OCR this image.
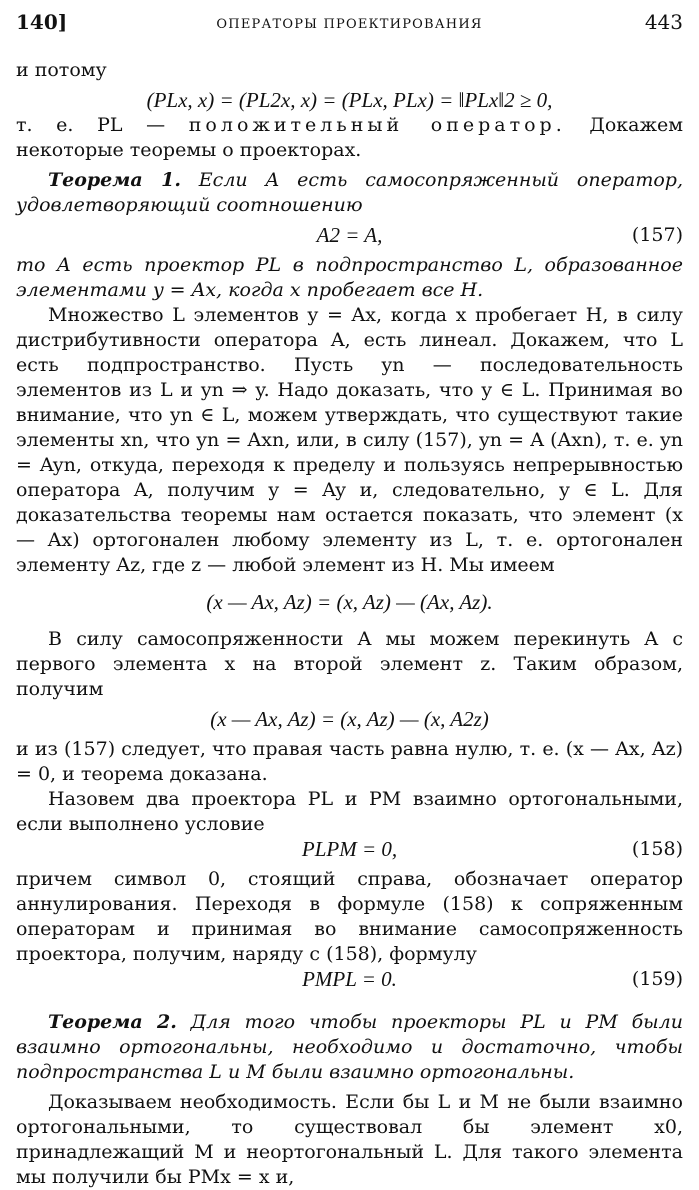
140]	ОПЕРАТОРЫ ПРОЕКТИРОВАНИЯ	443

и потому

(PLx, x) = (PL2x, x) = (PLx, PLx) = ‖PLx‖2 ≥ 0,

т. е. PL — положительный оператор. Докажем некоторые теоремы о проекторах.

Теорема 1. Если A есть самосопряженный оператор, удовлетворяющий соотношению

A2 = A,	(157)

то A есть проектор PL в подпространство L, образованное элементами y = Ax, когда x пробегает все H.

Множество L элементов y = Ax, когда x пробегает H, в силу дистрибутивности оператора A, есть линеал. Докажем, что L есть подпространство. Пусть yn — последовательность элементов из L и yn ⇒ y. Надо доказать, что y ∈ L. Принимая во внимание, что yn ∈ L, можем утверждать, что существуют такие элементы xn, что yn = Axn, или, в силу (157), yn = A (Axn), т. е. yn = Ayn, откуда, переходя к пределу и пользуясь непрерывностью оператора A, получим y = Ay и, следовательно, y ∈ L. Для доказательства теоремы нам остается показать, что элемент (x — Ax) ортогонален любому элементу из L, т. е. ортогонален элементу Az, где z — любой элемент из H. Мы имеем

(x — Ax, Az) = (x, Az) — (Ax, Az).

В силу самосопряженности A мы можем перекинуть A с первого элемента x на второй элемент z. Таким образом, получим

(x — Ax, Az) = (x, Az) — (x, A2z)

и из (157) следует, что правая часть равна нулю, т. е. (x — Ax, Az) = 0, и теорема доказана.

Назовем два проектора PL и PM взаимно ортогональными, если выполнено условие

PLPM = 0,	(158)

причем символ 0, стоящий справа, обозначает оператор аннулирования. Переходя в формуле (158) к сопряженным операторам и принимая во внимание самосопряженность проектора, получим, наряду с (158), формулу

PMPL = 0.	(159)

Теорема 2. Для того чтобы проекторы PL и PM были взаимно ортогональны, необходимо и достаточно, чтобы подпространства L и M были взаимно ортогональны.

Доказываем необходимость. Если бы L и M не были взаимно ортогональными, то существовал бы элемент x0, принадлежащий M и неортогональный L. Для такого элемента мы получили бы PMx = x и,
